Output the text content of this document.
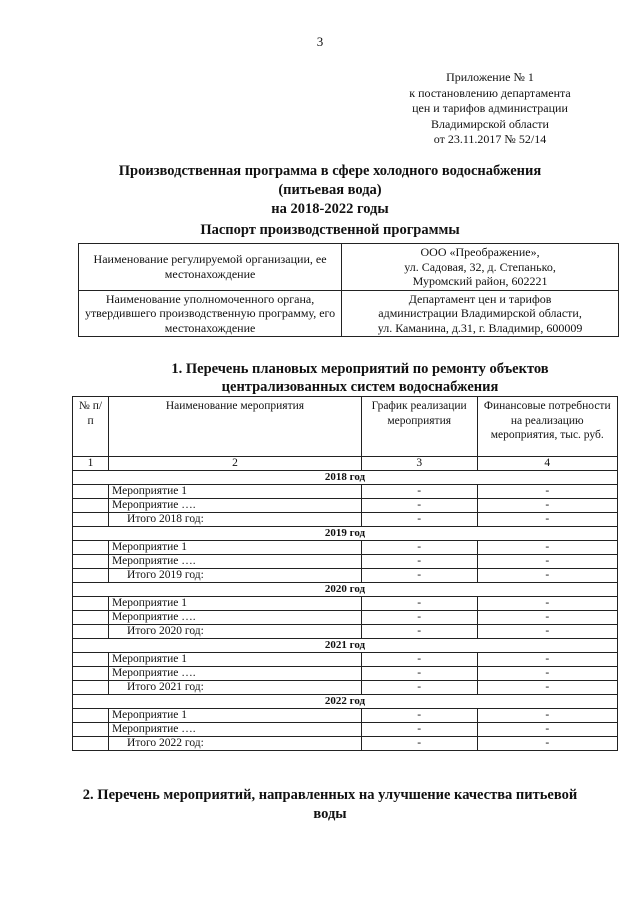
3
Приложение № 1
к постановлению департамента
цен и тарифов администрации
Владимирской области
от 23.11.2017 № 52/14
Производственная программа в сфере холодного водоснабжения
(питьевая вода)
на 2018-2022 годы
Паспорт производственной программы
Наименование регулируемой организации, ее местонахождение	ООО «Преображение»,
ул. Садовая, 32, д. Степанько,
Муромский район, 602221

Наименование уполномоченного органа, утвердившего производственную программу, его местонахождение	Департамент цен и тарифов
администрации Владимирской области,
ул. Каманина, д.31, г. Владимир, 600009
1. Перечень плановых мероприятий по ремонту объектов
централизованных систем водоснабжения
№ п/п	Наименование мероприятия	График реализации мероприятия	Финансовые потребности на реализацию мероприятия, тыс. руб.
1	2	3	4
2018 год			
	Мероприятие 1	-	-
	Мероприятие ….	-	-
	Итого 2018 год:	-	-
2019 год			
	Мероприятие 1	-	-
	Мероприятие ….	-	-
	Итого 2019 год:	-	-
2020 год			
	Мероприятие 1	-	-
	Мероприятие ….	-	-
	Итого 2020 год:	-	-
2021 год			
	Мероприятие 1	-	-
	Мероприятие ….	-	-
	Итого 2021 год:	-	-
2022 год			
	Мероприятие 1	-	-
	Мероприятие ….	-	-
	Итого 2022 год:	-	-
2. Перечень мероприятий, направленных на улучшение качества питьевой
воды
